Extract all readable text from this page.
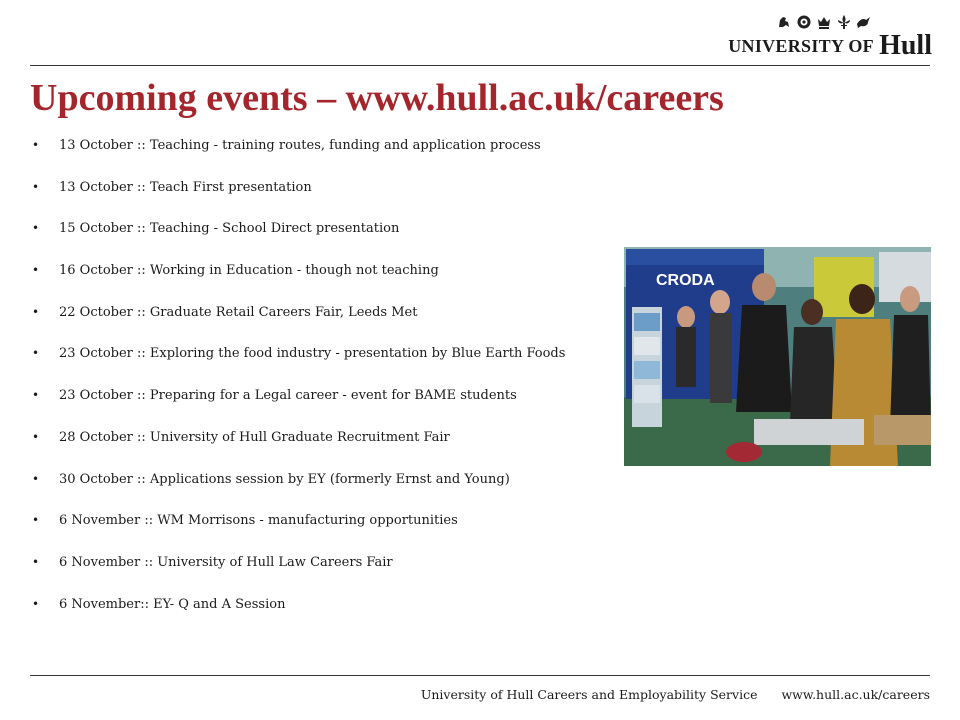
UNIVERSITY OF Hull
Upcoming events – www.hull.ac.uk/careers
• 13 October :: Teaching - training routes, funding and application process
• 13 October :: Teach First presentation
• 15 October :: Teaching - School Direct presentation
• 16 October :: Working in Education - though not teaching
• 22 October :: Graduate Retail Careers Fair, Leeds Met
• 23 October :: Exploring the food industry - presentation by Blue Earth Foods
• 23 October :: Preparing for a Legal career - event for BAME students
• 28 October :: University of Hull Graduate Recruitment Fair
• 30 October :: Applications session by EY (formerly Ernst and Young)
• 6 November :: WM Morrisons - manufacturing opportunities
• 6 November :: University of Hull Law Careers Fair
• 6 November:: EY- Q and A Session
CRODA
University of Hull Careers and Employability Service www.hull.ac.uk/careers
